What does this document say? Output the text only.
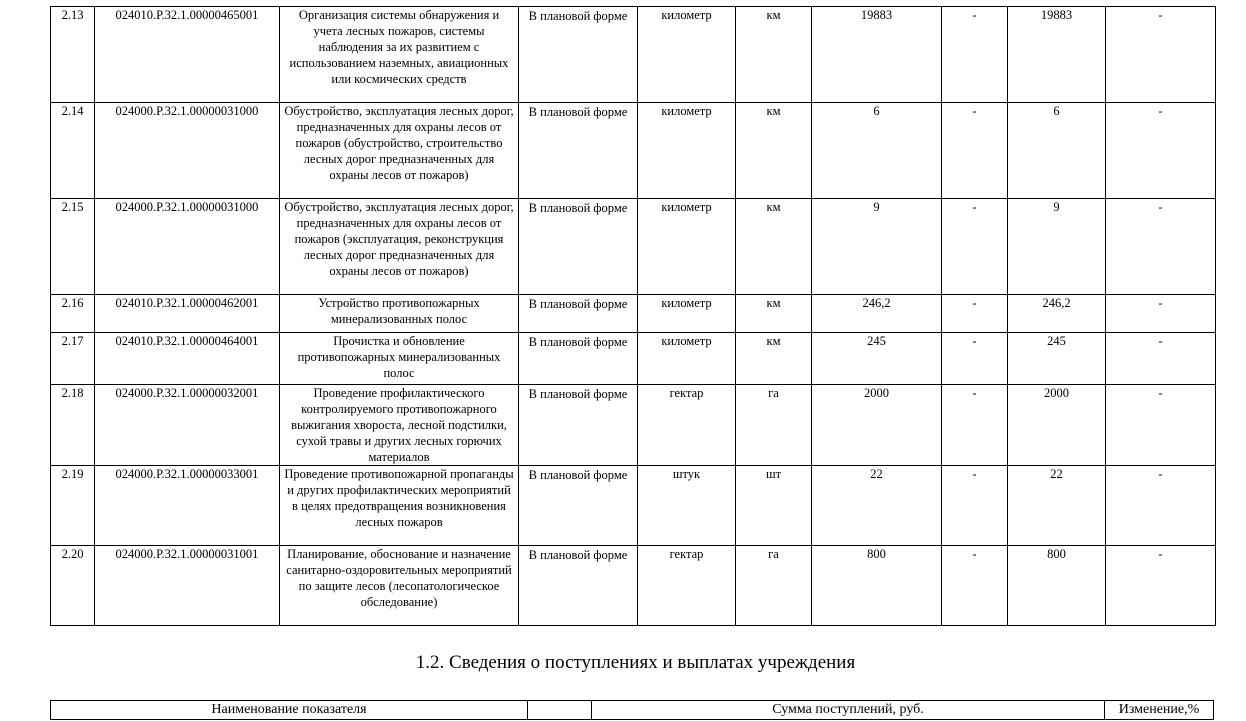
2.13	024010.Р.32.1.00000465001	Организация системы обнаружения и учета лесных пожаров, системы наблюдения за их развитием с использованием наземных, авиационных или космических средств	В плановой форме	километр	км	19883	-	19883	-
2.14	024000.Р.32.1.00000031000	Обустройство, эксплуатация лесных дорог, предназначенных для охраны лесов от пожаров (обустройство, строительство лесных дорог предназначенных для охраны лесов от пожаров)	В плановой форме	километр	км	6	-	6	-
2.15	024000.Р.32.1.00000031000	Обустройство, эксплуатация лесных дорог, предназначенных для охраны лесов от пожаров (эксплуатация, реконструкция лесных дорог предназначенных для охраны лесов от пожаров)	В плановой форме	километр	км	9	-	9	-
2.16	024010.Р.32.1.00000462001	Устройство противопожарных минерализованных полос	В плановой форме	километр	км	246,2	-	246,2	-
2.17	024010.Р.32.1.00000464001	Прочистка и обновление противопожарных минерализованных полос	В плановой форме	километр	км	245	-	245	-
2.18	024000.Р.32.1.00000032001	Проведение профилактического контролируемого противопожарного выжигания хвороста, лесной подстилки, сухой травы и других лесных горючих материалов	В плановой форме	гектар	га	2000	-	2000	-
2.19	024000.Р.32.1.00000033001	Проведение противопожарной пропаганды и других профилактических мероприятий в целях предотвращения возникновения лесных пожаров	В плановой форме	штук	шт	22	-	22	-
2.20	024000.Р.32.1.00000031001	Планирование, обоснование и назначение санитарно-оздоровительных мероприятий по защите лесов (лесопатологическое обследование)	В плановой форме	гектар	га	800	-	800	-
1.2. Сведения о поступлениях и выплатах учреждения
Наименование показателя		Сумма поступлений, руб.	Изменение,%
